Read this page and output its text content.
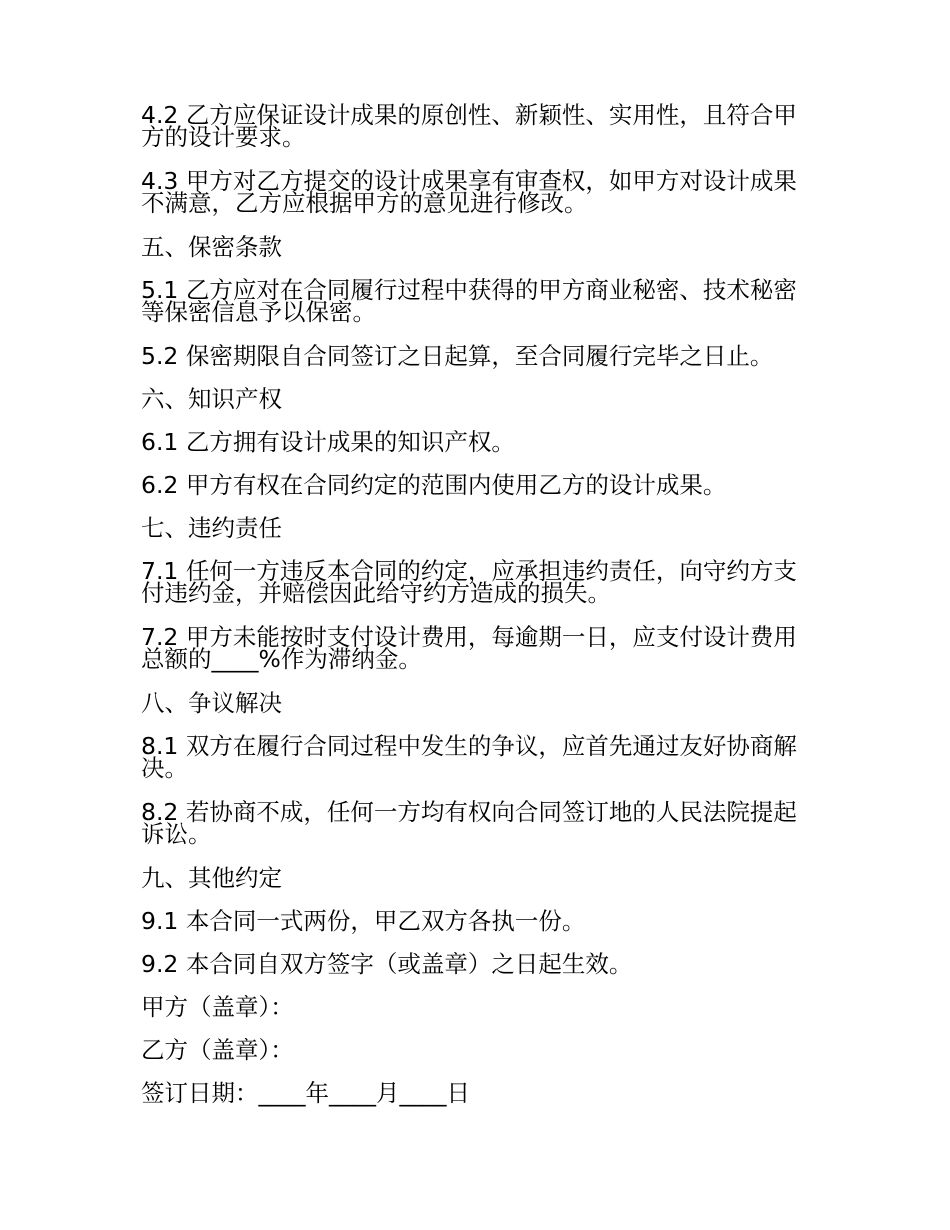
4.2 乙方应保证设计成果的原创性、新颖性、实用性，且符合甲方的设计要求。

4.3 甲方对乙方提交的设计成果享有审查权，如甲方对设计成果不满意，乙方应根据甲方的意见进行修改。

五、保密条款

5.1 乙方应对在合同履行过程中获得的甲方商业秘密、技术秘密等保密信息予以保密。

5.2 保密期限自合同签订之日起算，至合同履行完毕之日止。

六、知识产权

6.1 乙方拥有设计成果的知识产权。

6.2 甲方有权在合同约定的范围内使用乙方的设计成果。

七、违约责任

7.1 任何一方违反本合同的约定，应承担违约责任，向守约方支付违约金，并赔偿因此给守约方造成的损失。

7.2 甲方未能按时支付设计费用，每逾期一日，应支付设计费用总额的____%作为滞纳金。

八、争议解决

8.1 双方在履行合同过程中发生的争议，应首先通过友好协商解决。

8.2 若协商不成，任何一方均有权向合同签订地的人民法院提起诉讼。

九、其他约定

9.1 本合同一式两份，甲乙双方各执一份。

9.2 本合同自双方签字（或盖章）之日起生效。

甲方（盖章）：

乙方（盖章）：

签订日期：____年____月____日
